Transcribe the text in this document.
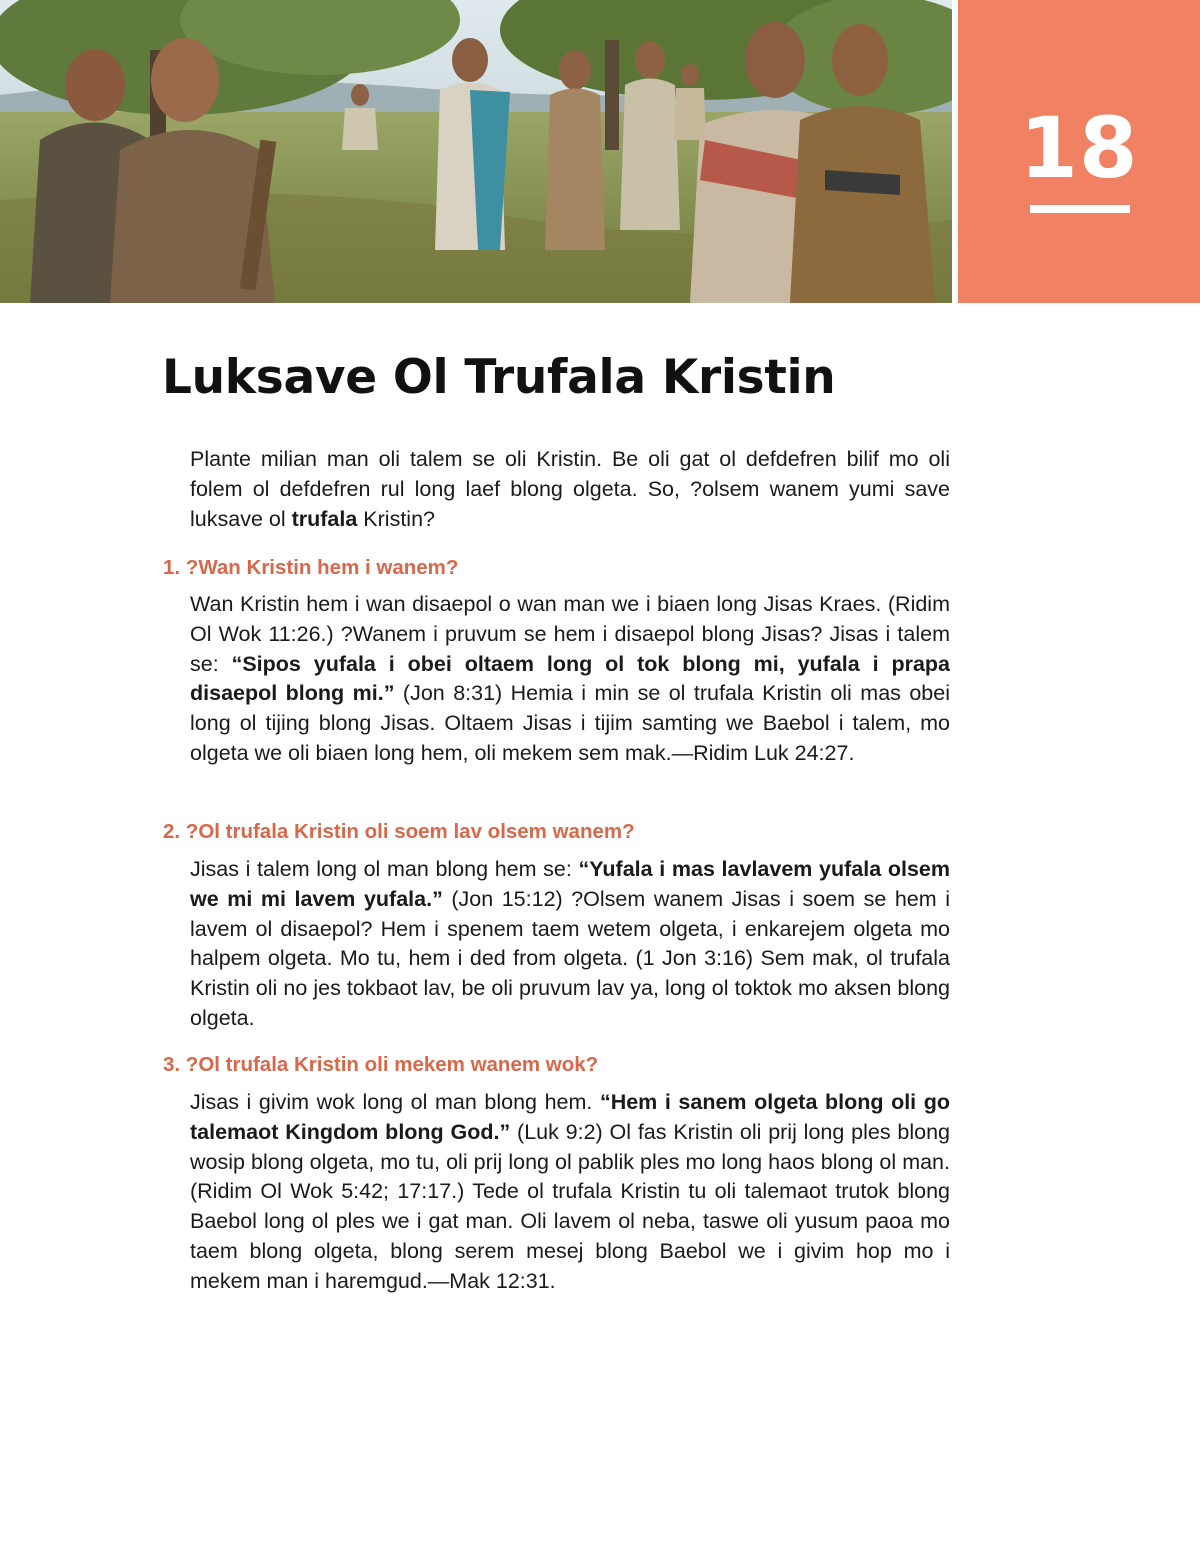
18
Luksave Ol Trufala Kristin

Plante milian man oli talem se oli Kristin. Be oli gat ol defdefren bilif mo oli folem ol defdefren rul long laef blong olgeta. So, ?olsem wanem yumi save luksave ol trufala Kristin?

1. ?Wan Kristin hem i wanem?

Wan Kristin hem i wan disaepol o wan man we i biaen long Jisas Kraes. (Ridim Ol Wok 11:26.) ?Wanem i pruvum se hem i disaepol blong Jisas? Jisas i talem se: “Sipos yufala i obei oltaem long ol tok blong mi, yufala i prapa disaepol blong mi.” (Jon 8:31) Hemia i min se ol trufala Kristin oli mas obei long ol tijing blong Jisas. Oltaem Jisas i tijim samting we Baebol i talem, mo olgeta we oli biaen long hem, oli mekem sem mak.—Ridim Luk 24:27.

2. ?Ol trufala Kristin oli soem lav olsem wanem?

Jisas i talem long ol man blong hem se: “Yufala i mas lavlavem yufala olsem we mi mi lavem yufala.” (Jon 15:12) ?Olsem wanem Jisas i soem se hem i lavem ol disaepol? Hem i spenem taem wetem olgeta, i enkarejem olgeta mo halpem olgeta. Mo tu, hem i ded from olgeta. (1 Jon 3:16) Sem mak, ol trufala Kristin oli no jes tokbaot lav, be oli pruvum lav ya, long ol toktok mo aksen blong olgeta.

3. ?Ol trufala Kristin oli mekem wanem wok?

Jisas i givim wok long ol man blong hem. “Hem i sanem olgeta blong oli go talemaot Kingdom blong God.” (Luk 9:2) Ol fas Kristin oli prij long ples blong wosip blong olgeta, mo tu, oli prij long ol pablik ples mo long haos blong ol man. (Ridim Ol Wok 5:42; 17:17.) Tede ol trufala Kristin tu oli talemaot trutok blong Baebol long ol ples we i gat man. Oli lavem ol neba, taswe oli yusum paoa mo taem blong olgeta, blong serem mesej blong Baebol we i givim hop mo i mekem man i haremgud.—Mak 12:31.
